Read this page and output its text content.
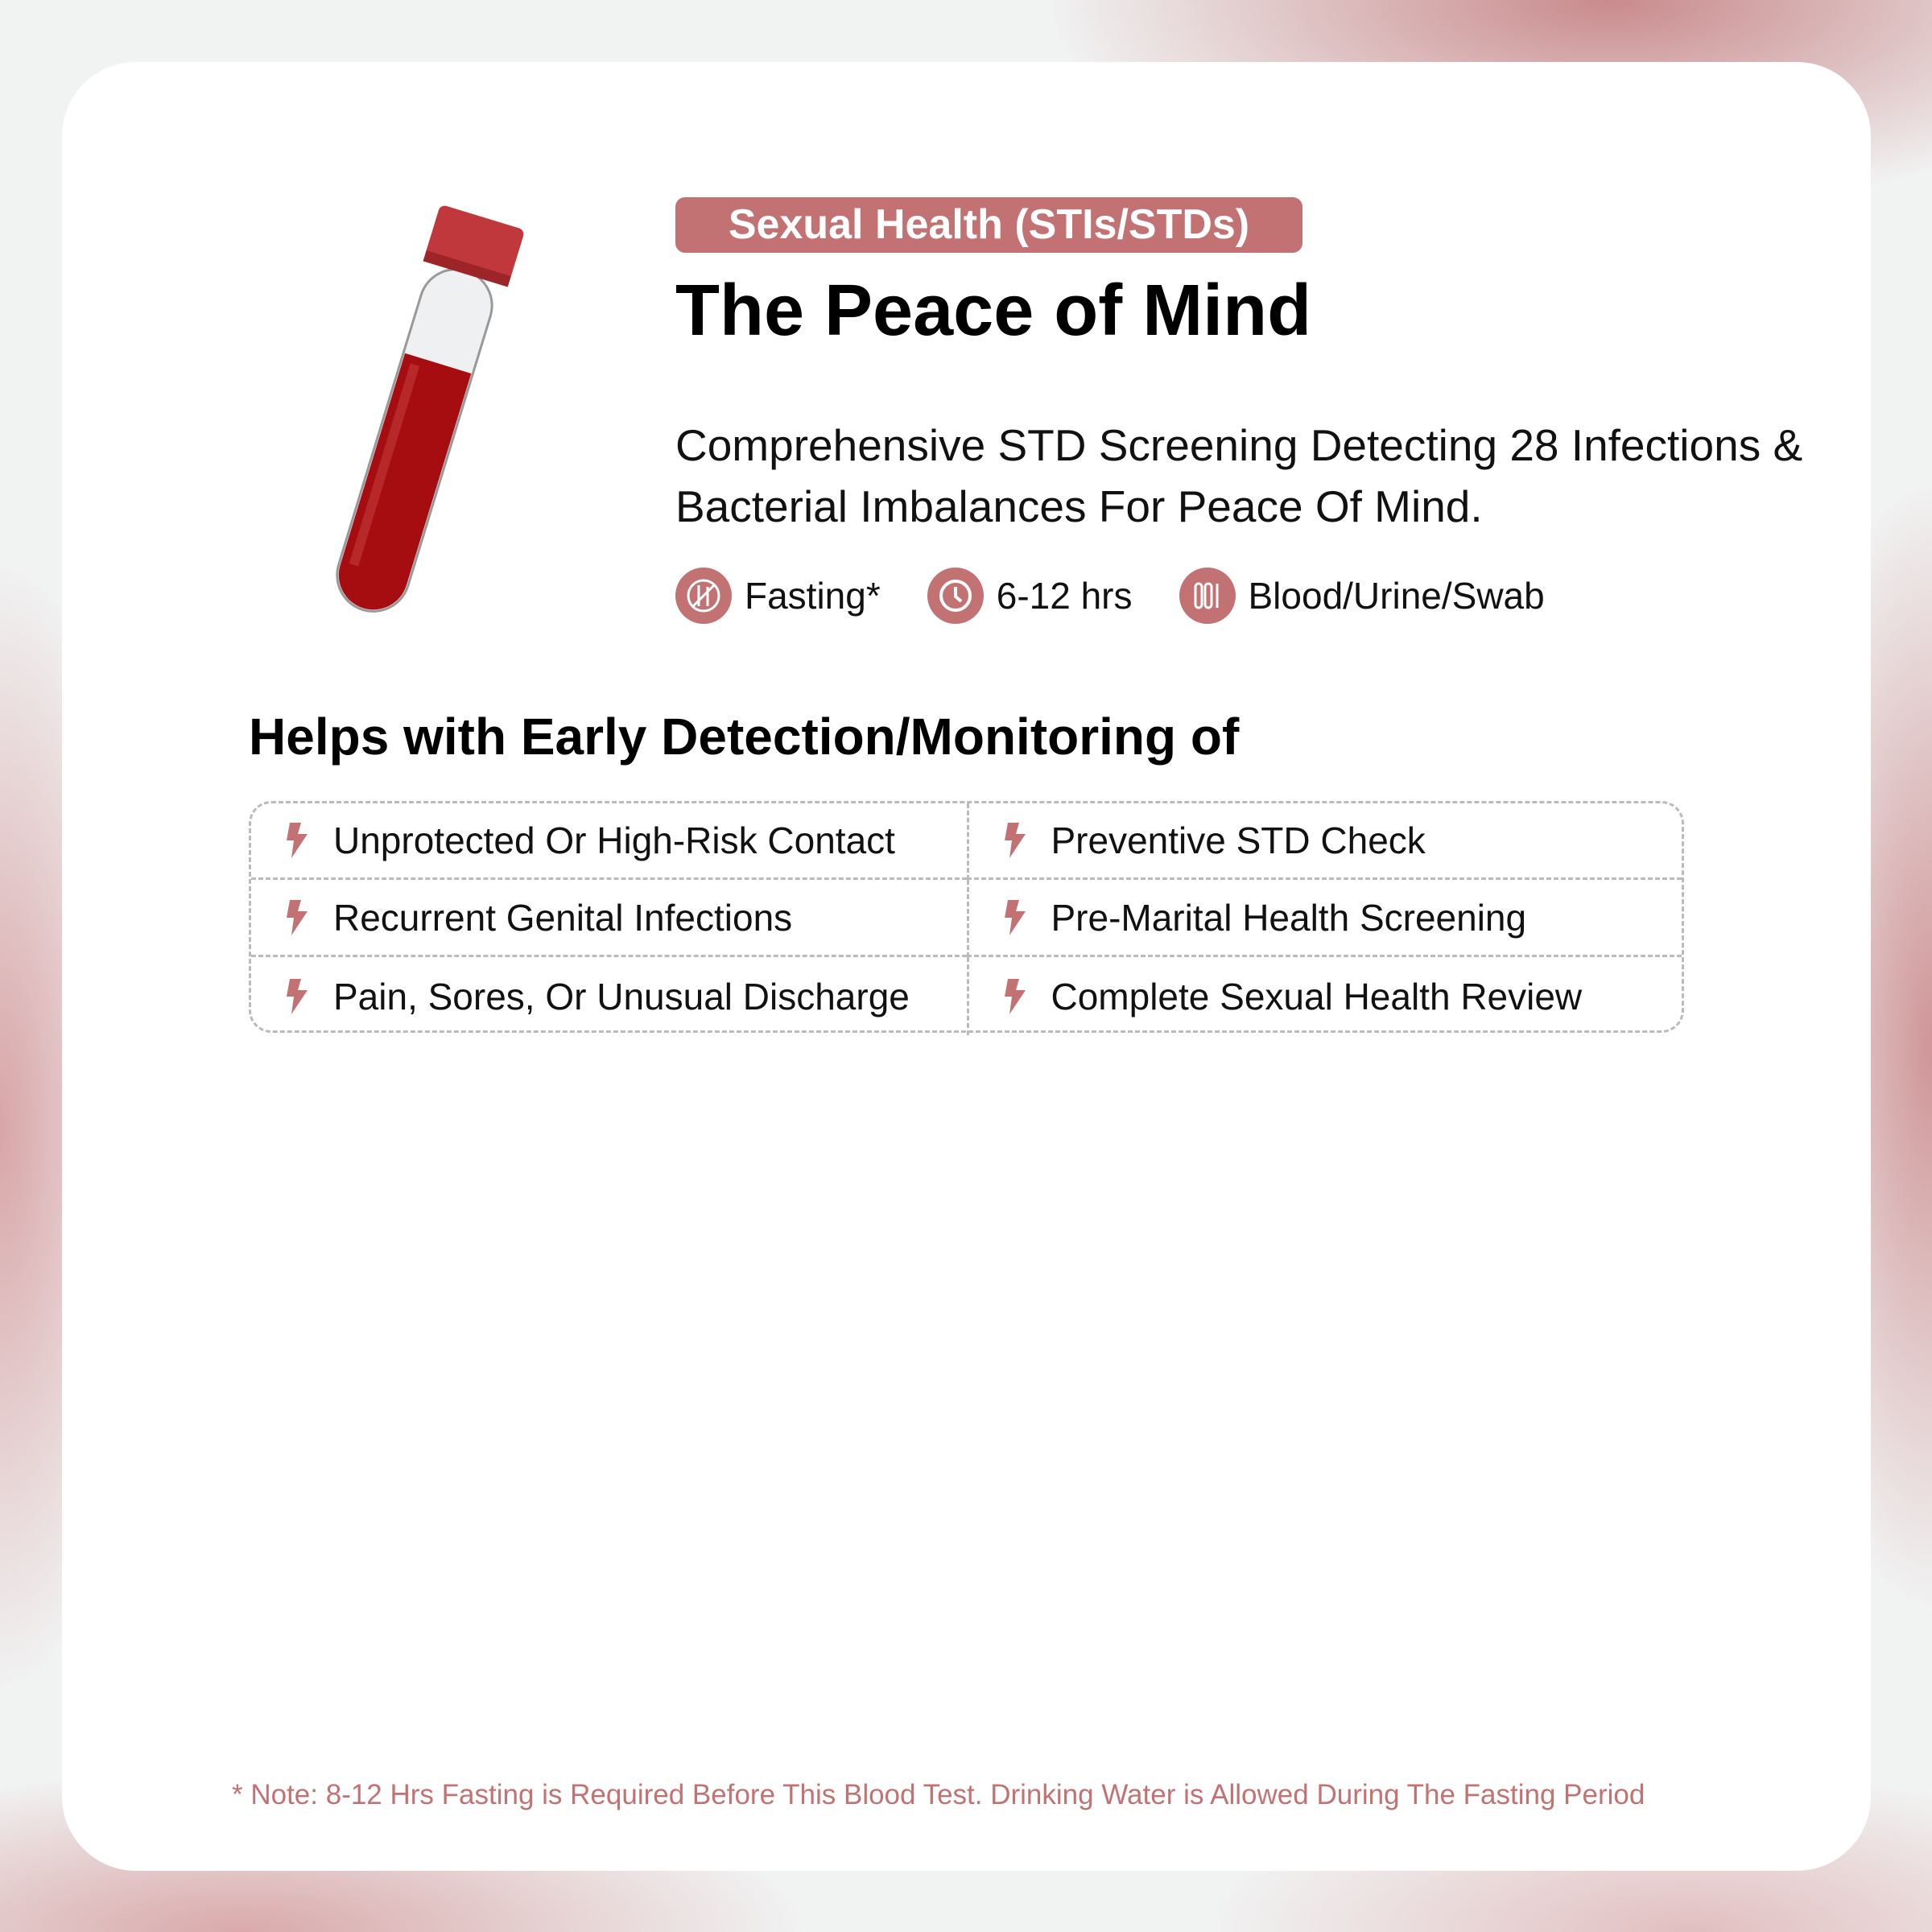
Sexual Health (STIs/STDs)
The Peace of Mind
Comprehensive STD Screening Detecting 28 Infections & Bacterial Imbalances For Peace Of Mind.
Fasting*	6-12 hrs	Blood/Urine/Swab
Helps with Early Detection/Monitoring of
Unprotected Or High-Risk Contact	Preventive STD Check
Recurrent Genital Infections	Pre-Marital Health Screening
Pain, Sores, Or Unusual Discharge	Complete Sexual Health Review
* Note: 8-12 Hrs Fasting is Required Before This Blood Test. Drinking Water is Allowed During The Fasting Period
